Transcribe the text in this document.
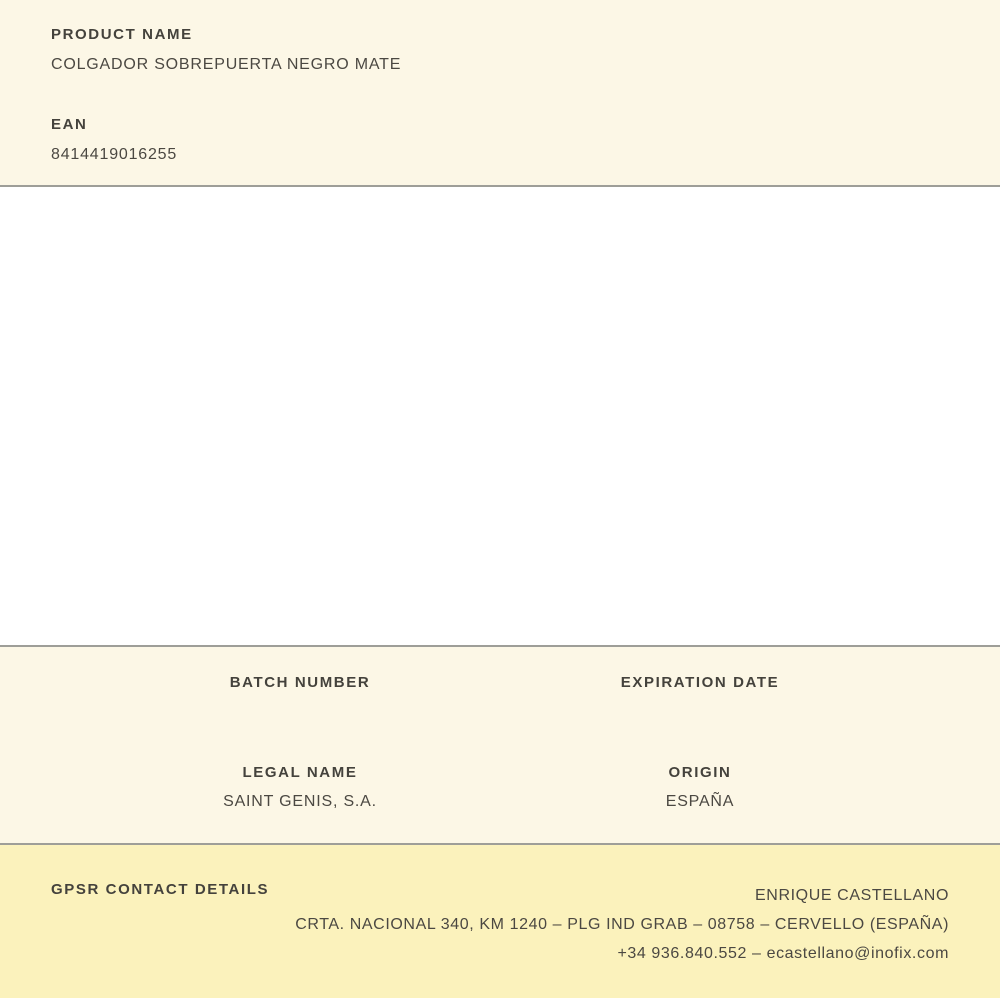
PRODUCT NAME
COLGADOR SOBREPUERTA NEGRO MATE
EAN
8414419016255
BATCH NUMBER	EXPIRATION DATE
LEGAL NAME
SAINT GENIS, S.A.
ORIGIN
ESPAÑA
GPSR CONTACT DETAILS	ENRIQUE CASTELLANO
CRTA. NACIONAL 340, KM 1240 – PLG IND GRAB – 08758 – CERVELLO (ESPAÑA)
+34 936.840.552 – ecastellano@inofix.com
